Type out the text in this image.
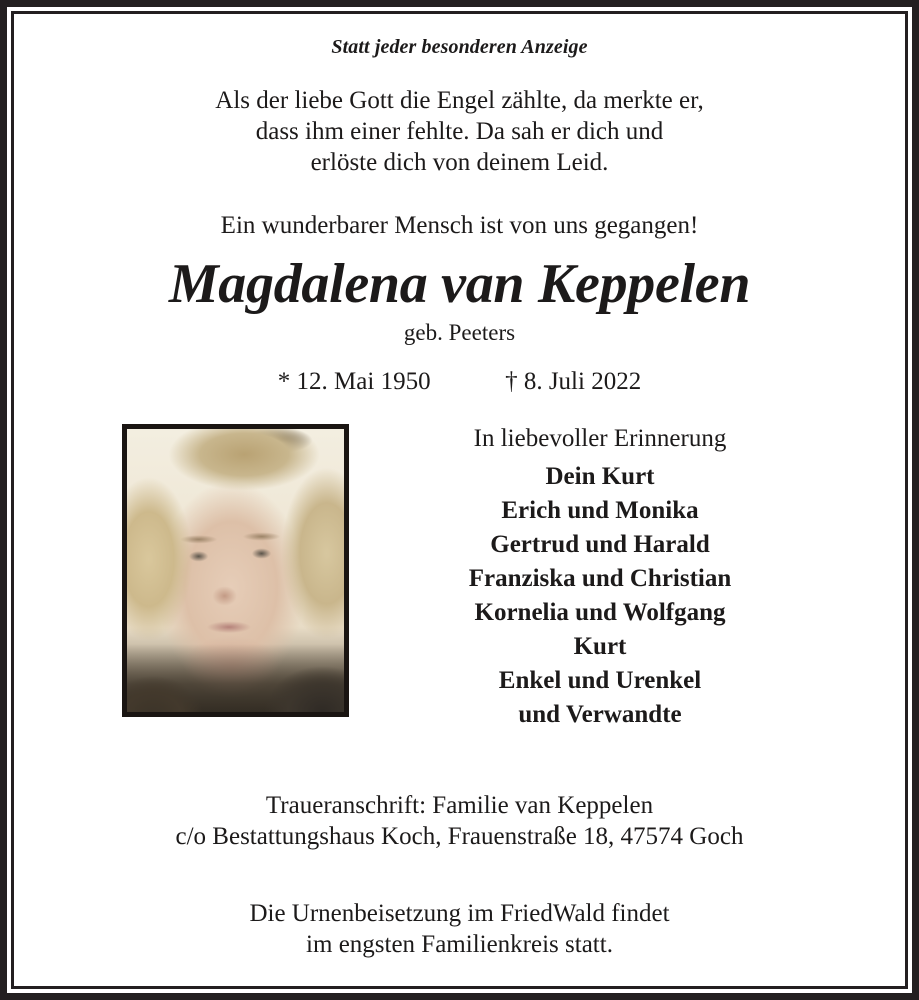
Statt jeder besonderen Anzeige
Als der liebe Gott die Engel zählte, da merkte er,
dass ihm einer fehlte. Da sah er dich und
erlöste dich von deinem Leid.
Ein wunderbarer Mensch ist von uns gegangen!
Magdalena van Keppelen
geb. Peeters
* 12. Mai 1950	† 8. Juli 2022
In liebevoller Erinnerung
Dein Kurt
Erich und Monika
Gertrud und Harald
Franziska und Christian
Kornelia und Wolfgang
Kurt
Enkel und Urenkel
und Verwandte
Traueranschrift: Familie van Keppelen
c/o Bestattungshaus Koch, Frauenstraße 18, 47574 Goch
Die Urnenbeisetzung im FriedWald findet
im engsten Familienkreis statt.
